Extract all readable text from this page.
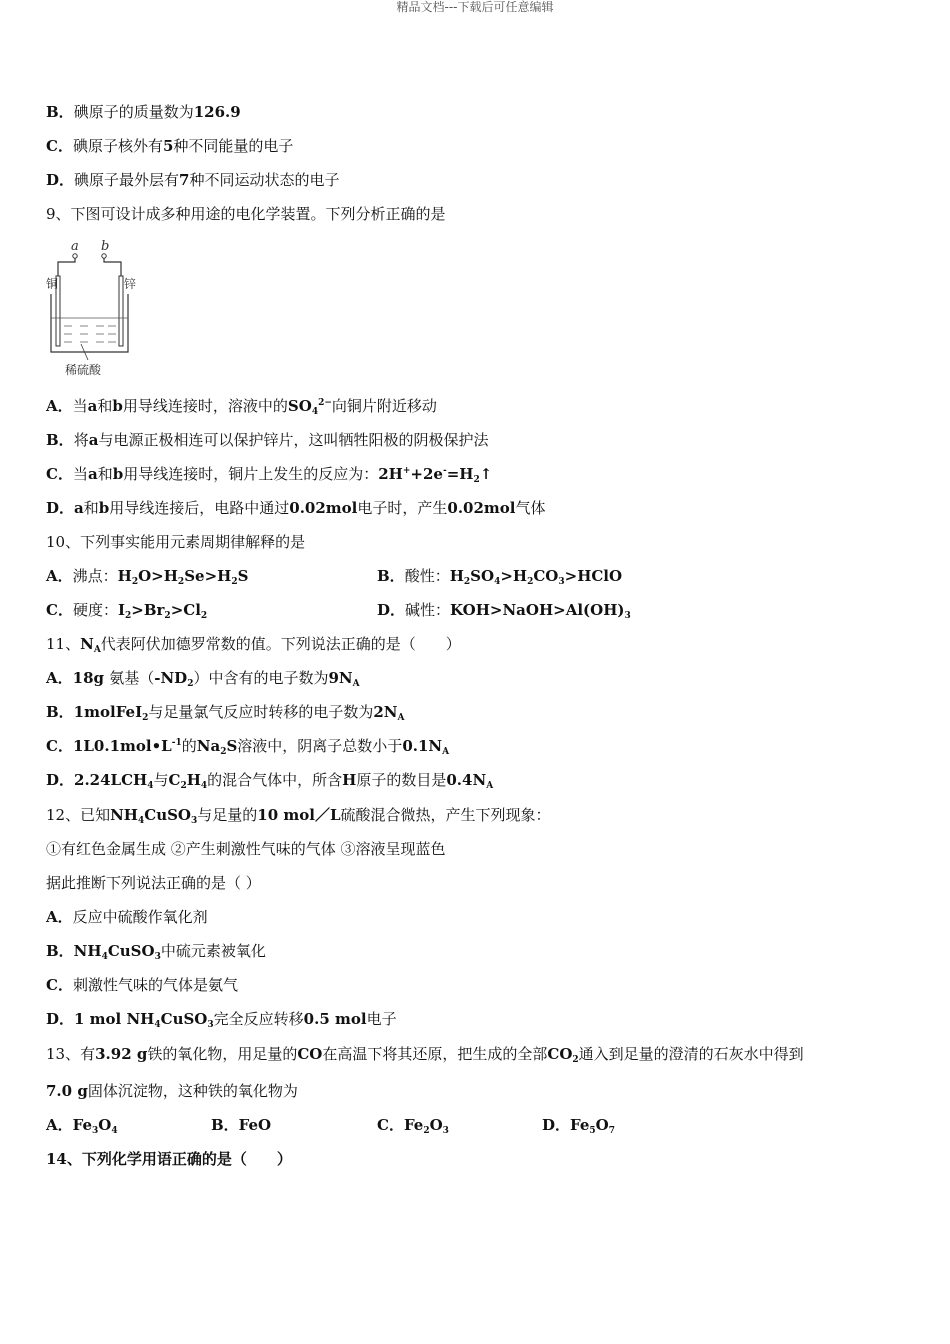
精品文档---下载后可任意编辑
B．碘原子的质量数为126.9
C．碘原子核外有5种不同能量的电子
D．碘原子最外层有7种不同运动状态的电子
9、下图可设计成多种用途的电化学装置。下列分析正确的是
a b
铜	锌
稀硫酸
A．当a和b用导线连接时，溶液中的$SO_4^{2-}$向铜片附近移动
B．将a与电源正极相连可以保护锌片，这叫牺牲阳极的阴极保护法
C．当a和b用导线连接时，铜片上发生的反应为：$2H^++2e^-=H_2↑$
D．a和b用导线连接后，电路中通过0.02mol电子时，产生0.02mol气体
10、下列事实能用元素周期律解释的是
A．沸点：$H_2O>H_2Se>H_2S$	B．酸性：$H_2SO_4>H_2CO_3>HClO$
C．硬度：$I_2>Br_2>Cl_2$	D．碱性：$KOH>NaOH>Al(OH)_3$
11、$N_A$代表阿伏加德罗常数的值。下列说法正确的是（　　）
A．18g 氨基$(-ND_2)$中含有的电子数为$9N_A$
B．1molFeI$_2$与足量氯气反应时转移的电子数为$2N_A$
C．$1L0.1mol•L^{-1}$的$Na_2S$溶液中，阴离子总数小于$0.1N_A$
D．$2.24LCH_4$与$C_2H_4$的混合气体中，所含H原子的数目是$0.4N_A$
12、已知$NH_4CuSO_3$与足量的10 mol／L硫酸混合微热，产生下列现象：
①有红色金属生成 ②产生刺激性气味的气体 ③溶液呈现蓝色
据此推断下列说法正确的是（ ）
A．反应中硫酸作氧化剂
B．$NH_4CuSO_3$中硫元素被氧化
C．刺激性气味的气体是氨气
D．1 mol $NH_4CuSO_3$完全反应转移0.5 mol电子
13、有3.92 g铁的氧化物，用足量的CO在高温下将其还原，把生成的全部$CO_2$通入到足量的澄清的石灰水中得到
7.0 g固体沉淀物，这种铁的氧化物为
A．$Fe_3O_4$	B．FeO	C．$Fe_2O_3$	D．$Fe_5O_7$
14、下列化学用语正确的是（　　）
